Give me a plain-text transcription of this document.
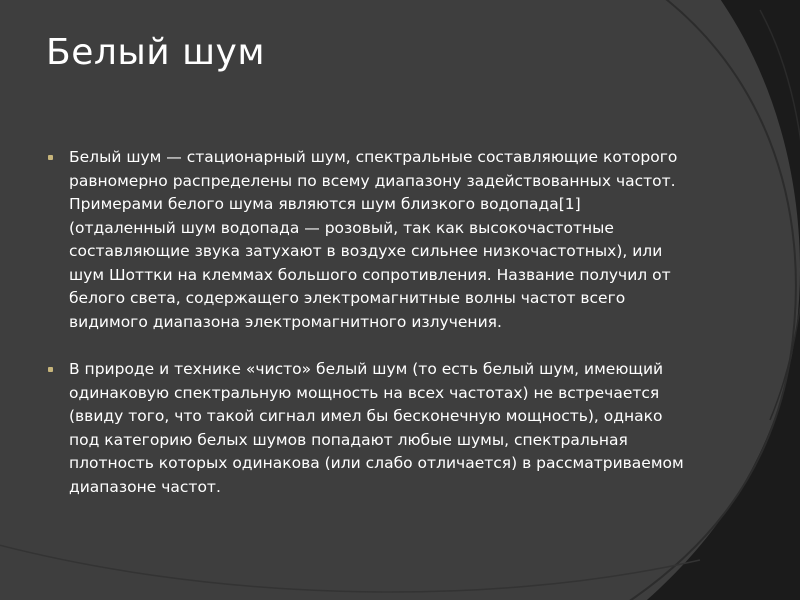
Белый шум
Белый шум — стационарный шум, спектральные составляющие которого равномерно распределены по всему диапазону задействованных частот. Примерами белого шума являются шум близкого водопада[1] (отдаленный шум водопада — розовый, так как высокочастотные составляющие звука затухают в воздухе сильнее низкочастотных), или шум Шоттки на клеммах большого сопротивления. Название получил от белого света, содержащего электромагнитные волны частот всего видимого диапазона электромагнитного излучения.
В природе и технике «чисто» белый шум (то есть белый шум, имеющий одинаковую спектральную мощность на всех частотах) не встречается (ввиду того, что такой сигнал имел бы бесконечную мощность), однако под категорию белых шумов попадают любые шумы, спектральная плотность которых одинакова (или слабо отличается) в рассматриваемом диапазоне частот.
